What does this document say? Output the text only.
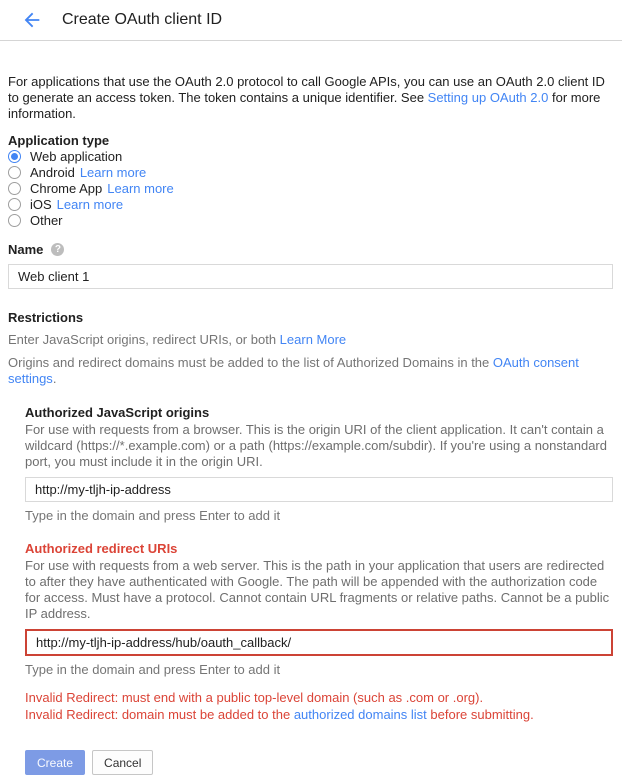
Create OAuth client ID

For applications that use the OAuth 2.0 protocol to call Google APIs, you can use an OAuth 2.0 client ID to generate an access token. The token contains a unique identifier. See Setting up OAuth 2.0 for more information.

Application type
Web application
Android Learn more
Chrome App Learn more
iOS Learn more
Other
Name	?
Web client 1
Restrictions
Enter JavaScript origins, redirect URIs, or both Learn More
Origins and redirect domains must be added to the list of Authorized Domains in the OAuth consent settings.
Authorized JavaScript origins
For use with requests from a browser. This is the origin URI of the client application. It can't contain a wildcard (https://*.example.com) or a path (https://example.com/subdir). If you're using a nonstandard port, you must include it in the origin URI.
http://my-tljh-ip-address
Type in the domain and press Enter to add it
Authorized redirect URIs
For use with requests from a web server. This is the path in your application that users are redirected to after they have authenticated with Google. The path will be appended with the authorization code for access. Must have a protocol. Cannot contain URL fragments or relative paths. Cannot be a public IP address.
http://my-tljh-ip-address/hub/oauth_callback/
Type in the domain and press Enter to add it
Invalid Redirect: must end with a public top-level domain (such as .com or .org).
Invalid Redirect: domain must be added to the authorized domains list before submitting.
Create	Cancel
